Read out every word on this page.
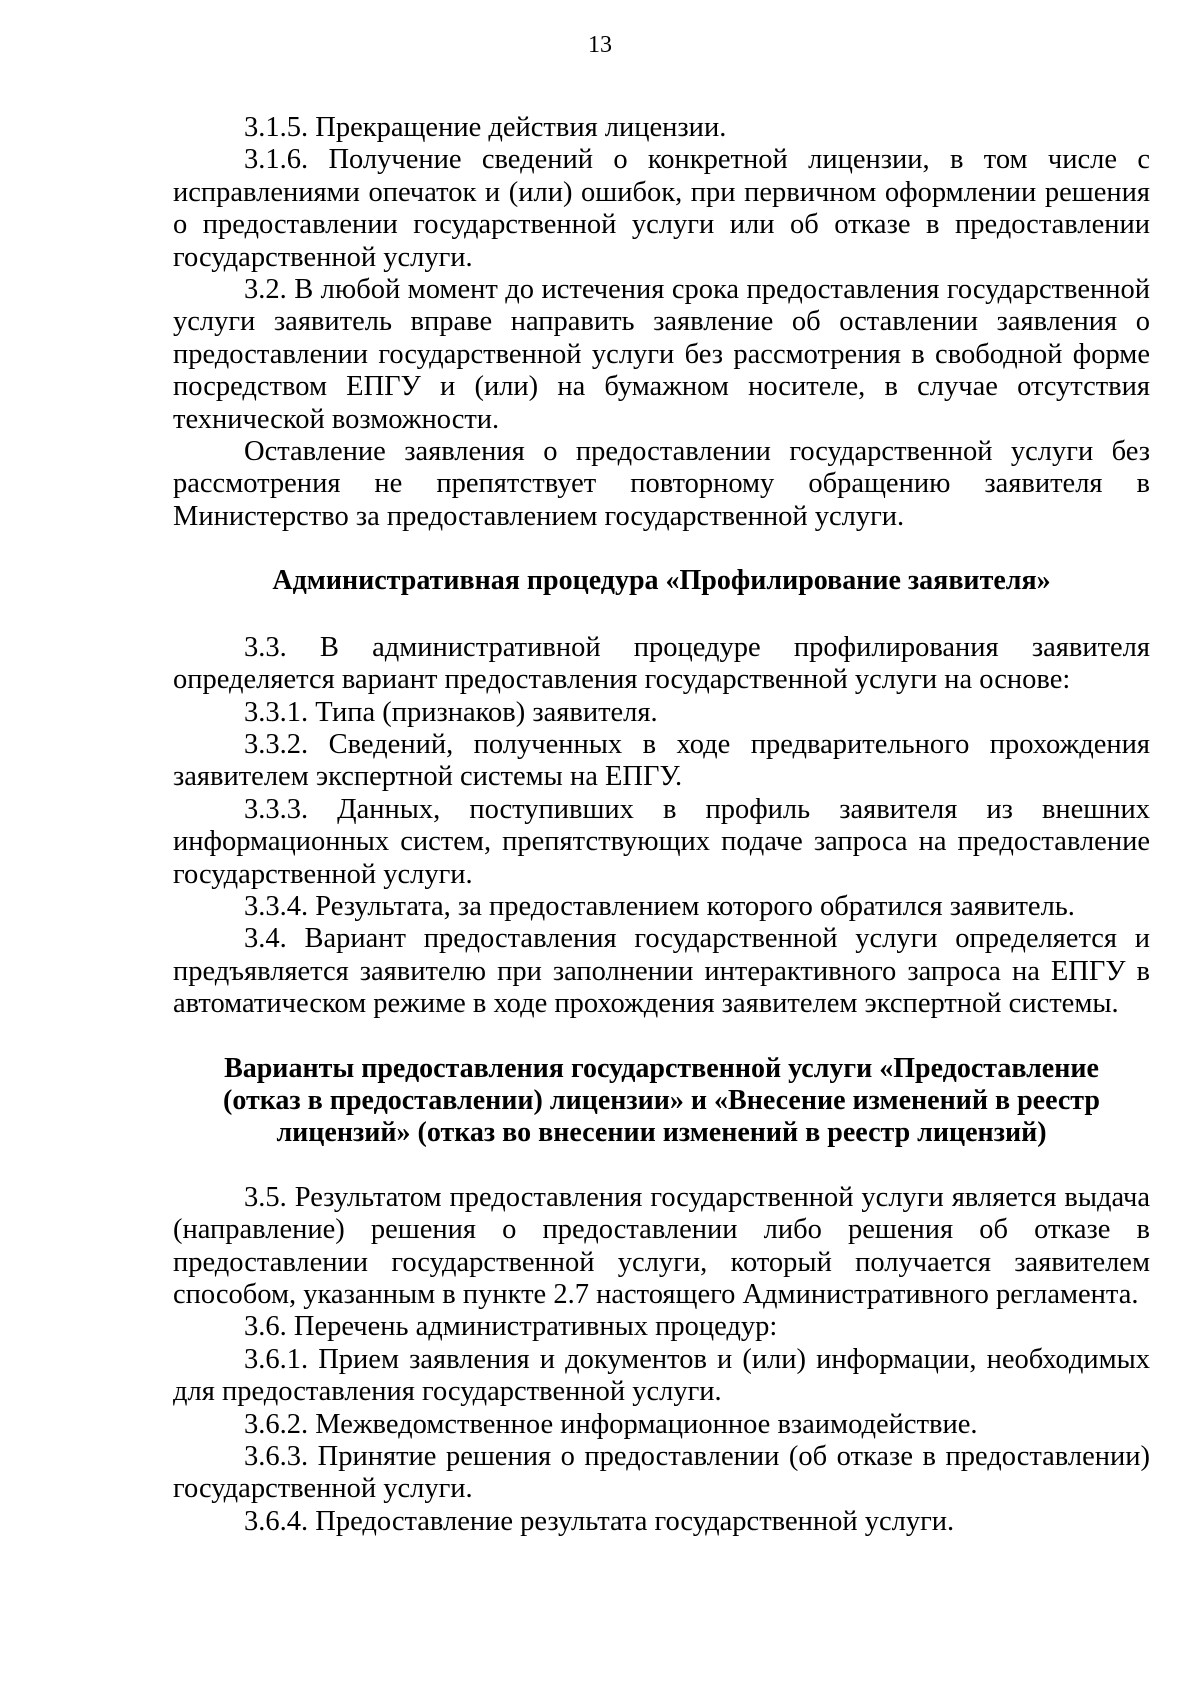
13

3.1.5. Прекращение действия лицензии.

3.1.6. Получение сведений о конкретной лицензии, в том числе с исправлениями опечаток и (или) ошибок, при первичном оформлении решения о предоставлении государственной услуги или об отказе в предоставлении государственной услуги.

3.2. В любой момент до истечения срока предоставления государственной услуги заявитель вправе направить заявление об оставлении заявления о предоставлении государственной услуги без рассмотрения в свободной форме посредством ЕПГУ и (или) на бумажном носителе, в случае отсутствия технической возможности.

Оставление заявления о предоставлении государственной услуги без рассмотрения не препятствует повторному обращению заявителя в Министерство за предоставлением государственной услуги.

Административная процедура «Профилирование заявителя»

3.3. В административной процедуре профилирования заявителя определяется вариант предоставления государственной услуги на основе:

3.3.1. Типа (признаков) заявителя.

3.3.2. Сведений, полученных в ходе предварительного прохождения заявителем экспертной системы на ЕПГУ.

3.3.3. Данных, поступивших в профиль заявителя из внешних информационных систем, препятствующих подаче запроса на предоставление государственной услуги.

3.3.4. Результата, за предоставлением которого обратился заявитель.

3.4. Вариант предоставления государственной услуги определяется и предъявляется заявителю при заполнении интерактивного запроса на ЕПГУ в автоматическом режиме в ходе прохождения заявителем экспертной системы.

Варианты предоставления государственной услуги «Предоставление
(отказ в предоставлении) лицензии» и «Внесение изменений в реестр
лицензий» (отказ во внесении изменений в реестр лицензий)

3.5. Результатом предоставления государственной услуги является выдача (направление) решения о предоставлении либо решения об отказе в предоставлении государственной услуги, который получается заявителем способом, указанным в пункте 2.7 настоящего Административного регламента.

3.6. Перечень административных процедур:

3.6.1. Прием заявления и документов и (или) информации, необходимых для предоставления государственной услуги.

3.6.2. Межведомственное информационное взаимодействие.

3.6.3. Принятие решения о предоставлении (об отказе в предоставлении) государственной услуги.

3.6.4. Предоставление результата государственной услуги.
